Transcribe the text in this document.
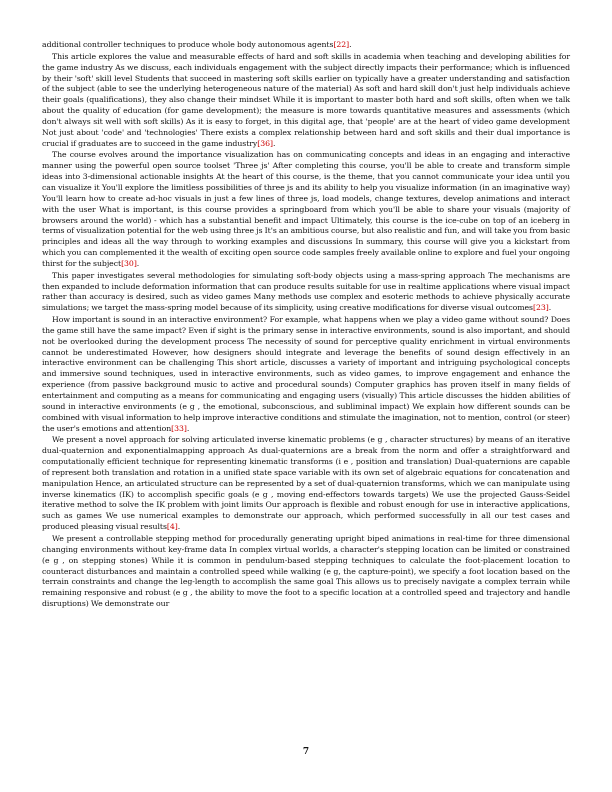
additional controller techniques to produce whole body autonomous agents[22].

This article explores the value and measurable effects of hard and soft skills in academia when teaching and developing abilities for the game industry As we discuss, each individuals engagement with the subject directly impacts their performance; which is influenced by their 'soft' skill level Students that succeed in mastering soft skills earlier on typically have a greater understanding and satisfaction of the subject (able to see the underlying heterogeneous nature of the material) As soft and hard skill don't just help individuals achieve their goals (qualifications), they also change their mindset While it is important to master both hard and soft skills, often when we talk about the quality of education (for game development); the measure is more towards quantitative measures and assessments (which don't always sit well with soft skills) As it is easy to forget, in this digital age, that 'people' are at the heart of video game development Not just about 'code' and 'technologies' There exists a complex relationship between hard and soft skills and their dual importance is crucial if graduates are to succeed in the game industry[36].

The course evolves around the importance visualization has on communicating concepts and ideas in an engaging and interactive manner using the powerful open source toolset 'Three js' After completing this course, you'll be able to create and transform simple ideas into 3-dimensional actionable insights At the heart of this course, is the theme, that you cannot communicate your idea until you can visualize it You'll explore the limitless possibilities of three js and its ability to help you visualize information (in an imaginative way) You'll learn how to create ad-hoc visuals in just a few lines of three js, load models, change textures, develop animations and interact with the user What is important, is this course provides a springboard from which you'll be able to share your visuals (majority of browsers around the world) - which has a substantial benefit and impact Ultimately, this course is the ice-cube on top of an iceberg in terms of visualization potential for the web using three js It's an ambitious course, but also realistic and fun, and will take you from basic principles and ideas all the way through to working examples and discussions In summary, this course will give you a kickstart from which you can complemented it the wealth of exciting open source code samples freely available online to explore and fuel your ongoing thirst for the subject[30].

This paper investigates several methodologies for simulating soft-body objects using a mass-spring approach The mechanisms are then expanded to include deformation information that can produce results suitable for use in realtime applications where visual impact rather than accuracy is desired, such as video games Many methods use complex and esoteric methods to achieve physically accurate simulations; we target the mass-spring model because of its simplicity, using creative modifications for diverse visual outcomes[23].

How important is sound in an interactive environment? For example, what happens when we play a video game without sound? Does the game still have the same impact? Even if sight is the primary sense in interactive environments, sound is also important, and should not be overlooked during the development process The necessity of sound for perceptive quality enrichment in virtual environments cannot be underestimated However, how designers should integrate and leverage the benefits of sound design effectively in an interactive environment can be challenging This short article, discusses a variety of important and intriguing psychological concepts and immersive sound techniques, used in interactive environments, such as video games, to improve engagement and enhance the experience (from passive background music to active and procedural sounds) Computer graphics has proven itself in many fields of entertainment and computing as a means for communicating and engaging users (visually) This article discusses the hidden abilities of sound in interactive environments (e g , the emotional, subconscious, and subliminal impact) We explain how different sounds can be combined with visual information to help improve interactive conditions and stimulate the imagination, not to mention, control (or steer) the user's emotions and attention[33].

We present a novel approach for solving articulated inverse kinematic problems (e g , character structures) by means of an iterative dual-quaternion and exponentialmapping approach As dual-quaternions are a break from the norm and offer a straightforward and computationally efficient technique for representing kinematic transforms (i e , position and translation) Dual-quaternions are capable of represent both translation and rotation in a unified state space variable with its own set of algebraic equations for concatenation and manipulation Hence, an articulated structure can be represented by a set of dual-quaternion transforms, which we can manipulate using inverse kinematics (IK) to accomplish specific goals (e g , moving end-effectors towards targets) We use the projected Gauss-Seidel iterative method to solve the IK problem with joint limits Our approach is flexible and robust enough for use in interactive applications, such as games We use numerical examples to demonstrate our approach, which performed successfully in all our test cases and produced pleasing visual results[4].

We present a controllable stepping method for procedurally generating upright biped animations in real-time for three dimensional changing environments without key-frame data In complex virtual worlds, a character's stepping location can be limited or constrained (e g , on stepping stones) While it is common in pendulum-based stepping techniques to calculate the foot-placement location to counteract disturbances and maintain a controlled speed while walking (e g, the capture-point), we specify a foot location based on the terrain constraints and change the leg-length to accomplish the same goal This allows us to precisely navigate a complex terrain while remaining responsive and robust (e g , the ability to move the foot to a specific location at a controlled speed and trajectory and handle disruptions) We demonstrate our

7
